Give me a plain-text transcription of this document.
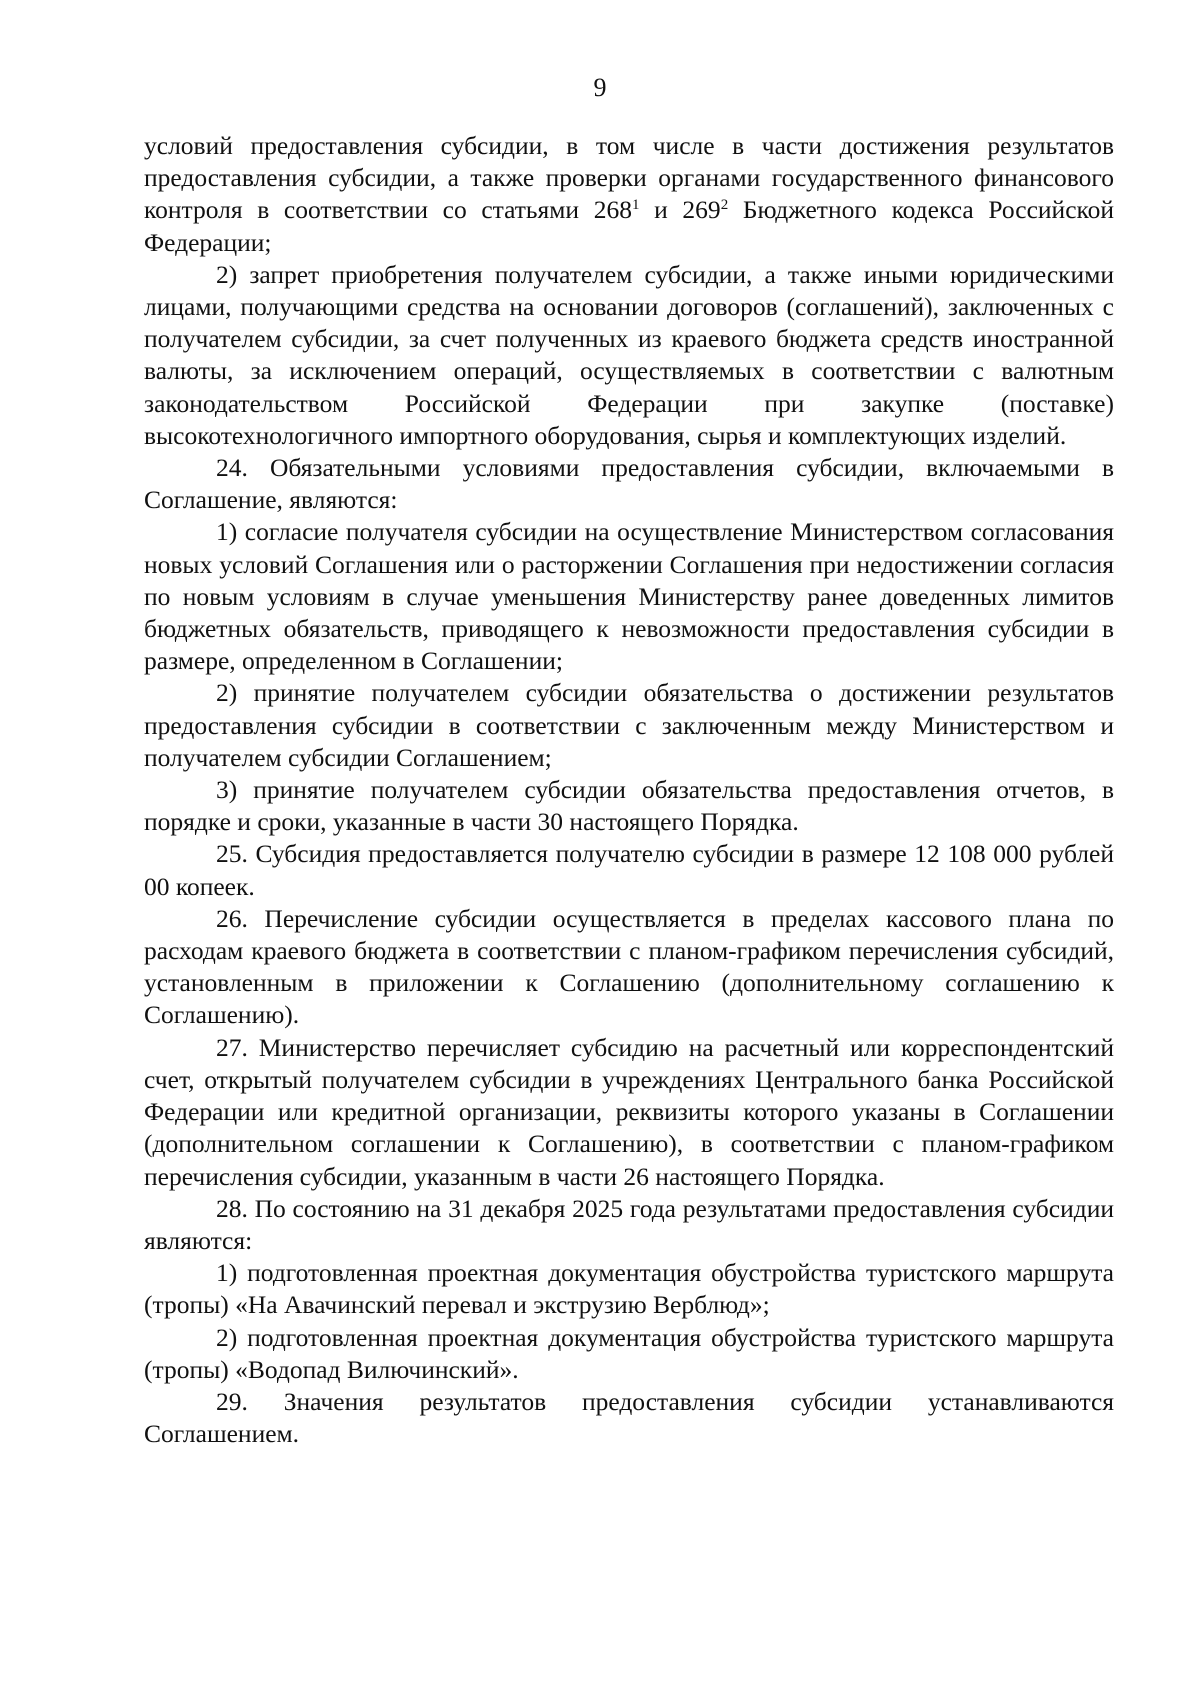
9

условий предоставления субсидии, в том числе в части достижения результатов предоставления субсидии, а также проверки органами государственного финансового контроля в соответствии со статьями $268^1$ и $269^2$ Бюджетного кодекса Российской Федерации;

2) запрет приобретения получателем субсидии, а также иными юридическими лицами, получающими средства на основании договоров (соглашений), заключенных с получателем субсидии, за счет полученных из краевого бюджета средств иностранной валюты, за исключением операций, осуществляемых в соответствии с валютным законодательством Российской Федерации при закупке (поставке) высокотехнологичного импортного оборудования, сырья и комплектующих изделий.

24. Обязательными условиями предоставления субсидии, включаемыми в Соглашение, являются:

1) согласие получателя субсидии на осуществление Министерством согласования новых условий Соглашения или о расторжении Соглашения при недостижении согласия по новым условиям в случае уменьшения Министерству ранее доведенных лимитов бюджетных обязательств, приводящего к невозможности предоставления субсидии в размере, определенном в Соглашении;

2) принятие получателем субсидии обязательства о достижении результатов предоставления субсидии в соответствии с заключенным между Министерством и получателем субсидии Соглашением;

3) принятие получателем субсидии обязательства предоставления отчетов, в порядке и сроки, указанные в части 30 настоящего Порядка.

25. Субсидия предоставляется получателю субсидии в размере 12 108 000 рублей 00 копеек.

26. Перечисление субсидии осуществляется в пределах кассового плана по расходам краевого бюджета в соответствии с планом-графиком перечисления субсидий, установленным в приложении к Соглашению (дополнительному соглашению к Соглашению).

27. Министерство перечисляет субсидию на расчетный или корреспондентский счет, открытый получателем субсидии в учреждениях Центрального банка Российской Федерации или кредитной организации, реквизиты которого указаны в Соглашении (дополнительном соглашении к Соглашению), в соответствии с планом-графиком перечисления субсидии, указанным в части 26 настоящего Порядка.

28. По состоянию на 31 декабря 2025 года результатами предоставления субсидии являются:

1) подготовленная проектная документация обустройства туристского маршрута (тропы) «На Авачинский перевал и экструзию Верблюд»;

2) подготовленная проектная документация обустройства туристского маршрута (тропы) «Водопад Вилючинский».

29. Значения результатов предоставления субсидии устанавливаются Соглашением.
